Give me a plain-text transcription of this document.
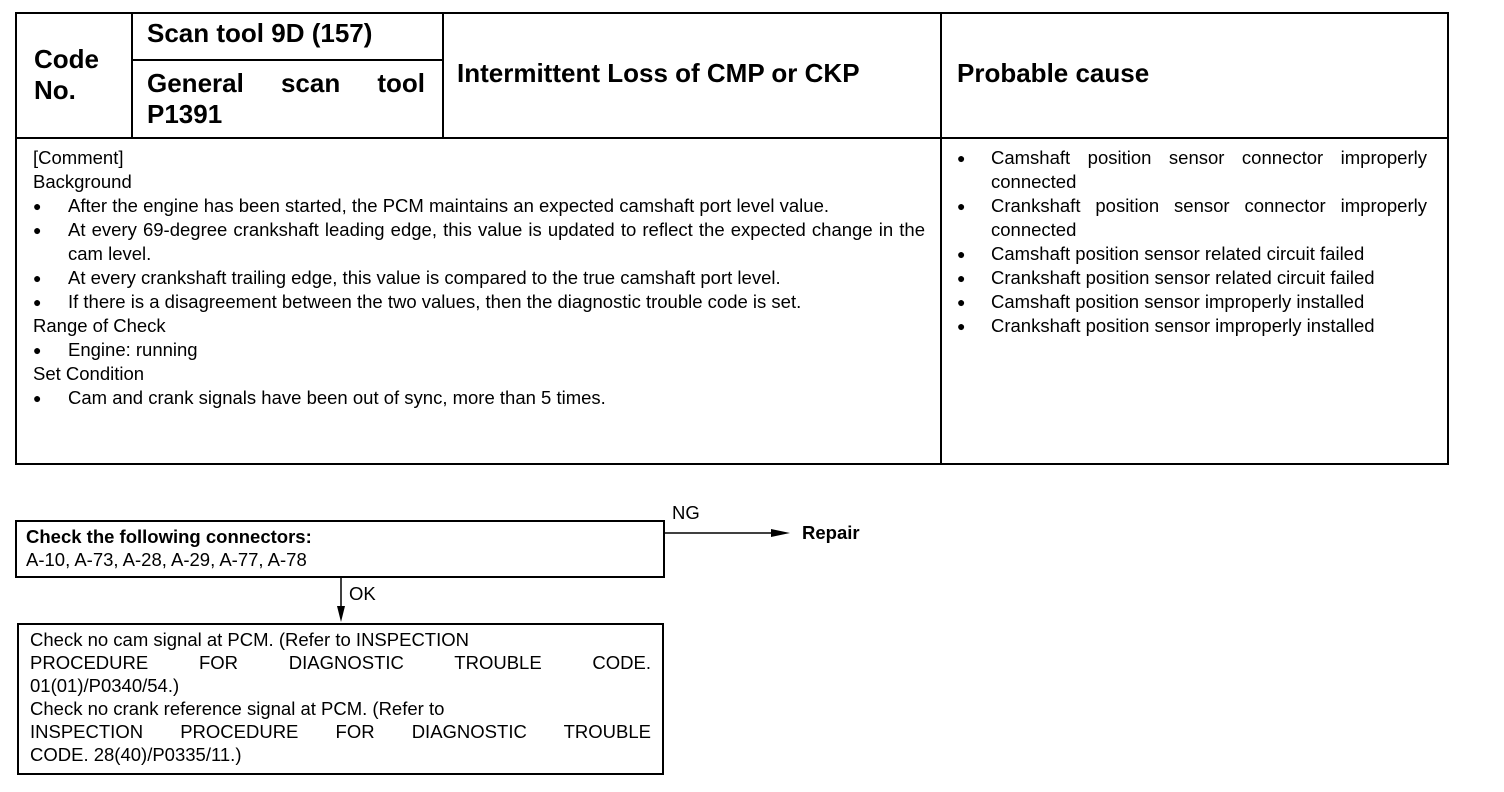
Code No.
Scan tool 9D (157)
General scan tool
P1391
Intermittent Loss of CMP or CKP	Probable cause
[Comment]
Background
● After the engine has been started, the PCM maintains an expected camshaft port level value.
● At every 69-degree crankshaft leading edge, this value is updated to reflect the expected change in the cam level.
● At every crankshaft trailing edge, this value is compared to the true camshaft port level.
● If there is a disagreement between the two values, then the diagnostic trouble code is set.
Range of Check
● Engine: running
Set Condition
● Cam and crank signals have been out of sync, more than 5 times.
● Camshaft position sensor connector improperly connected
● Crankshaft position sensor connector improperly connected
● Camshaft position sensor related circuit failed
● Crankshaft position sensor related circuit failed
● Camshaft position sensor improperly installed
● Crankshaft position sensor improperly installed
Check the following connectors:
A-10, A-73, A-28, A-29, A-77, A-78
NG
Repair
OK
Check no cam signal at PCM. (Refer to INSPECTION
PROCEDURE FOR DIAGNOSTIC TROUBLE CODE.
01(01)/P0340/54.)
Check no crank reference signal at PCM. (Refer to
INSPECTION PROCEDURE FOR DIAGNOSTIC TROUBLE
CODE. 28(40)/P0335/11.)
